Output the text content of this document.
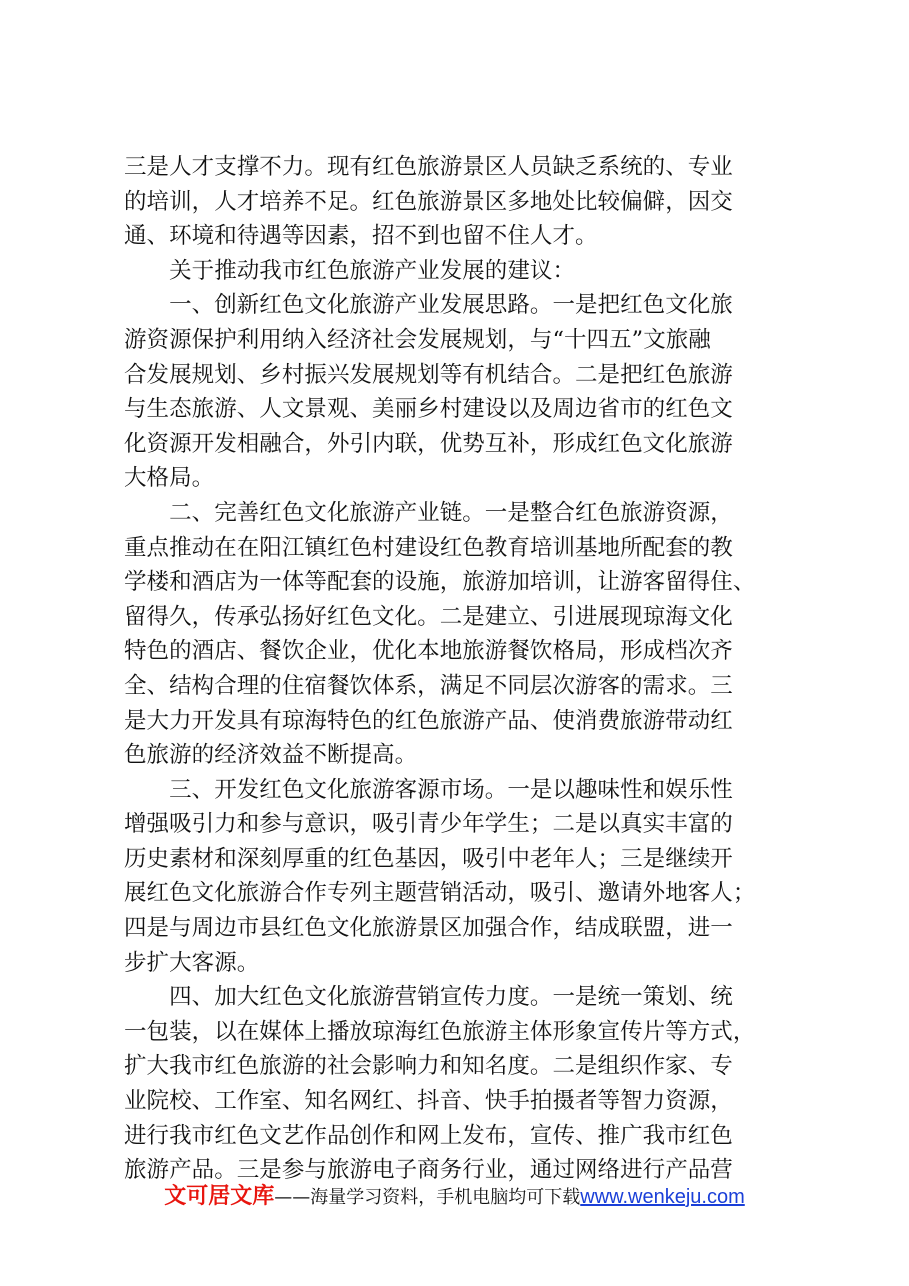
三是人才支撑不力。现有红色旅游景区人员缺乏系统的、专业
的培训，人才培养不足。红色旅游景区多地处比较偏僻，因交
通、环境和待遇等因素，招不到也留不住人才。
　　关于推动我市红色旅游产业发展的建议：
　　一、创新红色文化旅游产业发展思路。一是把红色文化旅
游资源保护利用纳入经济社会发展规划，与“十四五”文旅融
合发展规划、乡村振兴发展规划等有机结合。二是把红色旅游
与生态旅游、人文景观、美丽乡村建设以及周边省市的红色文
化资源开发相融合，外引内联，优势互补，形成红色文化旅游
大格局。
　　二、完善红色文化旅游产业链。一是整合红色旅游资源，
重点推动在在阳江镇红色村建设红色教育培训基地所配套的教
学楼和酒店为一体等配套的设施，旅游加培训，让游客留得住、
留得久，传承弘扬好红色文化。二是建立、引进展现琼海文化
特色的酒店、餐饮企业，优化本地旅游餐饮格局，形成档次齐
全、结构合理的住宿餐饮体系，满足不同层次游客的需求。三
是大力开发具有琼海特色的红色旅游产品、使消费旅游带动红
色旅游的经济效益不断提高。
　　三、开发红色文化旅游客源市场。一是以趣味性和娱乐性
增强吸引力和参与意识，吸引青少年学生；二是以真实丰富的
历史素材和深刻厚重的红色基因，吸引中老年人；三是继续开
展红色文化旅游合作专列主题营销活动，吸引、邀请外地客人；
四是与周边市县红色文化旅游景区加强合作，结成联盟，进一
步扩大客源。
　　四、加大红色文化旅游营销宣传力度。一是统一策划、统
一包装，以在媒体上播放琼海红色旅游主体形象宣传片等方式，
扩大我市红色旅游的社会影响力和知名度。二是组织作家、专
业院校、工作室、知名网红、抖音、快手拍摄者等智力资源，
进行我市红色文艺作品创作和网上发布，宣传、推广我市红色
旅游产品。三是参与旅游电子商务行业，通过网络进行产品营
文可居文库——海量学习资料，手机电脑均可下载www.wenkeju.com
